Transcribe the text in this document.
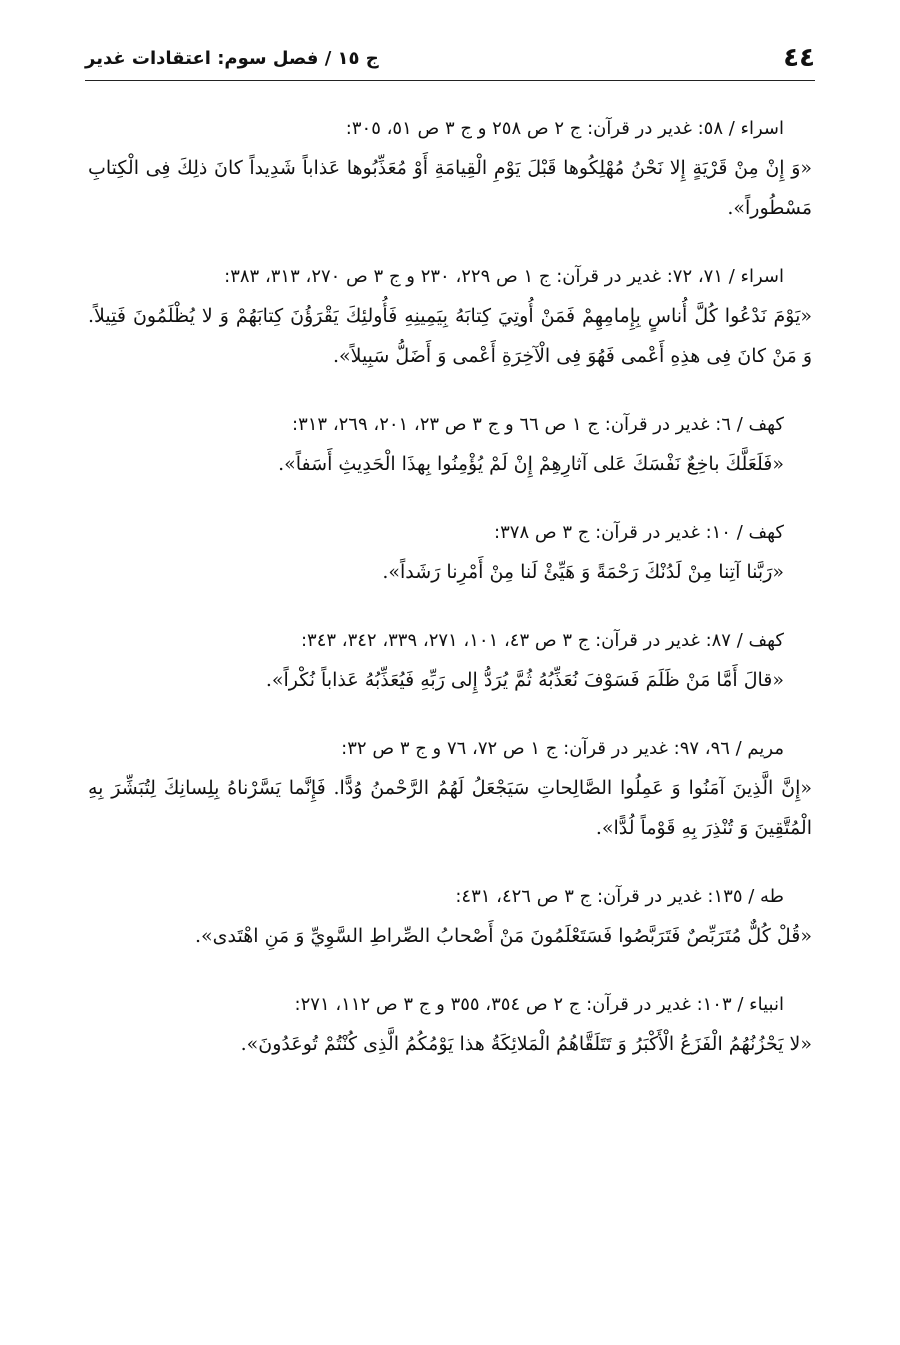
٤٤
ج ١٥ / فصل سوم: اعتقادات غدیر
اسراء / ٥٨: غدیر در قرآن: ج ٢ ص ٢٥٨ و ج ٣ ص ٥١، ٣٠٥:
«وَ إِنْ مِنْ قَرْيَةٍ إِلا نَحْنُ مُهْلِكُوها قَبْلَ يَوْمِ الْقِيامَةِ أَوْ مُعَذِّبُوها عَذاباً شَدِيداً كانَ ذلِكَ فِى الْكِتابِ مَسْطُوراً».
اسراء / ٧١، ٧٢: غدیر در قرآن: ج ١ ص ٢٢٩، ٢٣٠ و ج ٣ ص ٢٧٠، ٣١٣، ٣٨٣:
«يَوْمَ نَدْعُوا كُلَّ أُناسٍ بِإِمامِهِمْ فَمَنْ أُوتِيَ كِتابَهُ بِيَمِينِهِ فَأُولئِكَ يَقْرَؤُنَ كِتابَهُمْ وَ لا يُظْلَمُونَ فَتِيلاً. وَ مَنْ كانَ فِى هذِهِ أَعْمى فَهُوَ فِى الْآخِرَةِ أَعْمى وَ أَضَلُّ سَبِيلاً».
کهف / ٦: غدیر در قرآن: ج ١ ص ٦٦ و ج ٣ ص ٢٣، ٢٠١، ٢٦٩، ٣١٣:
«فَلَعَلَّكَ باخِعٌ نَفْسَكَ عَلى آثارِهِمْ إِنْ لَمْ يُؤْمِنُوا بِهذَا الْحَدِيثِ أَسَفاً».
کهف / ١٠: غدیر در قرآن: ج ٣ ص ٣٧٨:
«رَبَّنا آتِنا مِنْ لَدُنْكَ رَحْمَةً وَ هَيِّئْ لَنا مِنْ أَمْرِنا رَشَداً».
کهف / ٨٧: غدیر در قرآن: ج ٣ ص ٤٣، ١٠١، ٢٧١، ٣٣٩، ٣٤٢، ٣٤٣:
«قالَ أَمَّا مَنْ ظَلَمَ فَسَوْفَ نُعَذِّبُهُ ثُمَّ يُرَدُّ إِلى رَبِّهِ فَيُعَذِّبُهُ عَذاباً نُكْراً».
مریم / ٩٦، ٩٧: غدیر در قرآن: ج ١ ص ٧٢، ٧٦ و ج ٣ ص ٣٢:
«إِنَّ الَّذِينَ آمَنُوا وَ عَمِلُوا الصَّالِحاتِ سَيَجْعَلُ لَهُمُ الرَّحْمنُ وُدًّا. فَإِنَّما يَسَّرْناهُ بِلِسانِكَ لِتُبَشِّرَ بِهِ الْمُتَّقِينَ وَ تُنْذِرَ بِهِ قَوْماً لُدًّا».
طه / ١٣٥: غدیر در قرآن: ج ٣ ص ٤٢٦، ٤٣١:
«قُلْ كُلٌّ مُتَرَبِّصٌ فَتَرَبَّصُوا فَسَتَعْلَمُونَ مَنْ أَصْحابُ الصِّراطِ السَّوِيِّ وَ مَنِ اهْتَدى».
انبیاء / ١٠٣: غدیر در قرآن: ج ٢ ص ٣٥٤، ٣٥٥ و ج ٣ ص ١١٢، ٢٧١:
«لا يَحْزُنُهُمُ الْفَزَعُ الْأَكْبَرُ وَ تَتَلَقَّاهُمُ الْمَلائِكَةُ هذا يَوْمُكُمُ الَّذِى كُنْتُمْ تُوعَدُونَ».
